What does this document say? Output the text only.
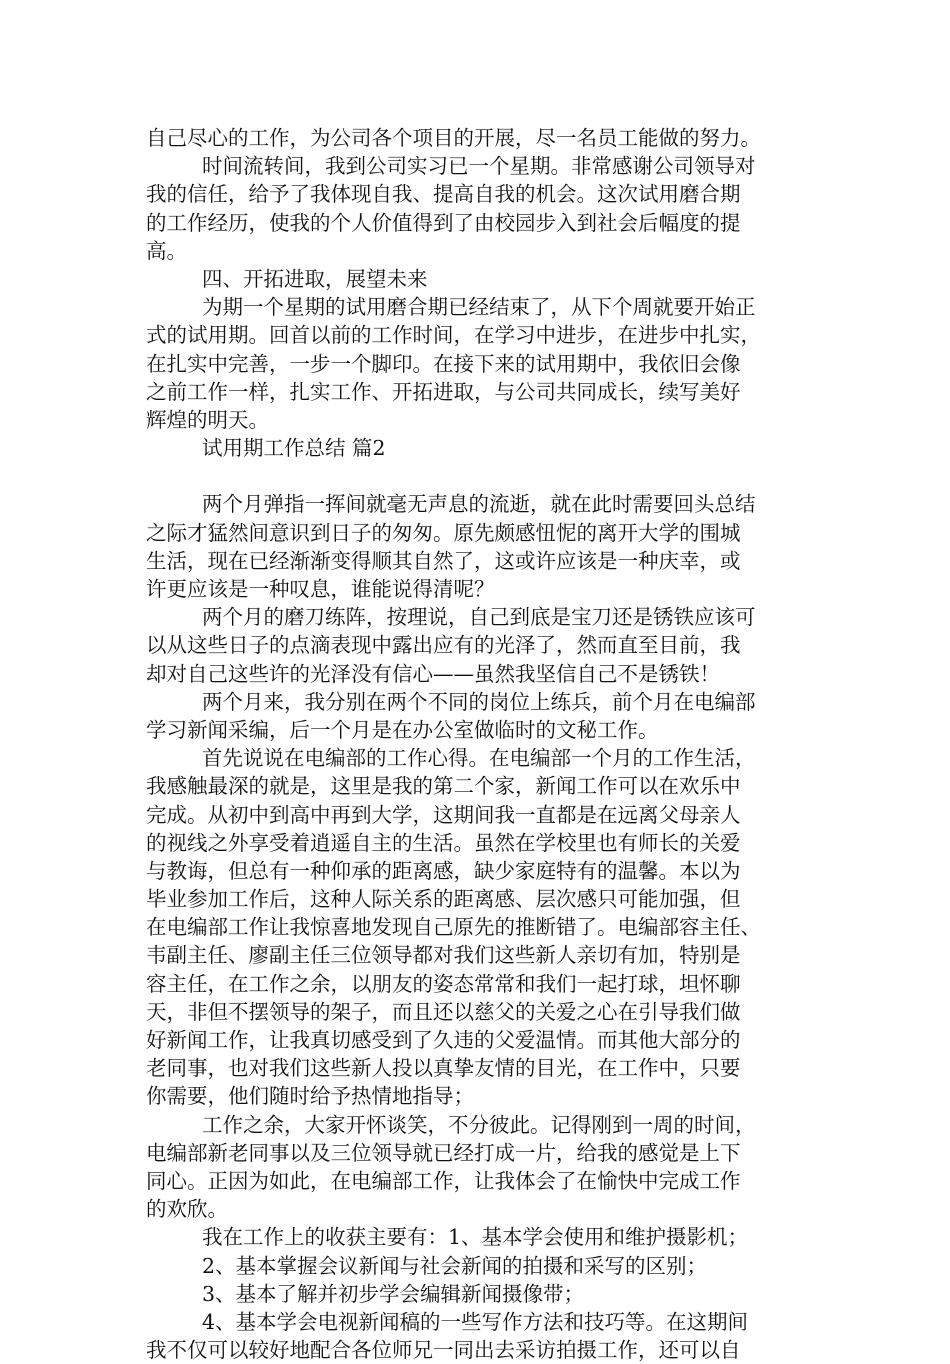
自己尽心的工作，为公司各个项目的开展，尽一名员工能做的努力。
时间流转间，我到公司实习已一个星期。非常感谢公司领导对
我的信任，给予了我体现自我、提高自我的机会。这次试用磨合期
的工作经历，使我的个人价值得到了由校园步入到社会后幅度的提
高。
四、开拓进取，展望未来
为期一个星期的试用磨合期已经结束了，从下个周就要开始正
式的试用期。回首以前的工作时间，在学习中进步，在进步中扎实，
在扎实中完善，一步一个脚印。在接下来的试用期中，我依旧会像
之前工作一样，扎实工作、开拓进取，与公司共同成长，续写美好
辉煌的明天。
试用期工作总结 篇2
两个月弹指一挥间就毫无声息的流逝，就在此时需要回头总结
之际才猛然间意识到日子的匆匆。原先颇感忸怩的离开大学的围城
生活，现在已经渐渐变得顺其自然了，这或许应该是一种庆幸，或
许更应该是一种叹息，谁能说得清呢？
两个月的磨刀练阵，按理说，自己到底是宝刀还是锈铁应该可
以从这些日子的点滴表现中露出应有的光泽了，然而直至目前，我
却对自己这些许的光泽没有信心——虽然我坚信自己不是锈铁！
两个月来，我分别在两个不同的岗位上练兵，前个月在电编部
学习新闻采编，后一个月是在办公室做临时的文秘工作。
首先说说在电编部的工作心得。在电编部一个月的工作生活，
我感触最深的就是，这里是我的第二个家，新闻工作可以在欢乐中
完成。从初中到高中再到大学，这期间我一直都是在远离父母亲人
的视线之外享受着逍遥自主的生活。虽然在学校里也有师长的关爱
与教诲，但总有一种仰承的距离感，缺少家庭特有的温馨。本以为
毕业参加工作后，这种人际关系的距离感、层次感只可能加强，但
在电编部工作让我惊喜地发现自己原先的推断错了。电编部容主任、
韦副主任、廖副主任三位领导都对我们这些新人亲切有加，特别是
容主任，在工作之余，以朋友的姿态常常和我们一起打球，坦怀聊
天，非但不摆领导的架子，而且还以慈父的关爱之心在引导我们做
好新闻工作，让我真切感受到了久违的父爱温情。而其他大部分的
老同事，也对我们这些新人投以真挚友情的目光，在工作中，只要
你需要，他们随时给予热情地指导；
工作之余，大家开怀谈笑，不分彼此。记得刚到一周的时间，
电编部新老同事以及三位领导就已经打成一片，给我的感觉是上下
同心。正因为如此，在电编部工作，让我体会了在愉快中完成工作
的欢欣。
我在工作上的收获主要有：1、基本学会使用和维护摄影机；
2、基本掌握会议新闻与社会新闻的拍摄和采写的区别；
3、基本了解并初步学会编辑新闻摄像带；
4、基本学会电视新闻稿的一些写作方法和技巧等。在这期间
我不仅可以较好地配合各位师兄一同出去采访拍摄工作，还可以自
